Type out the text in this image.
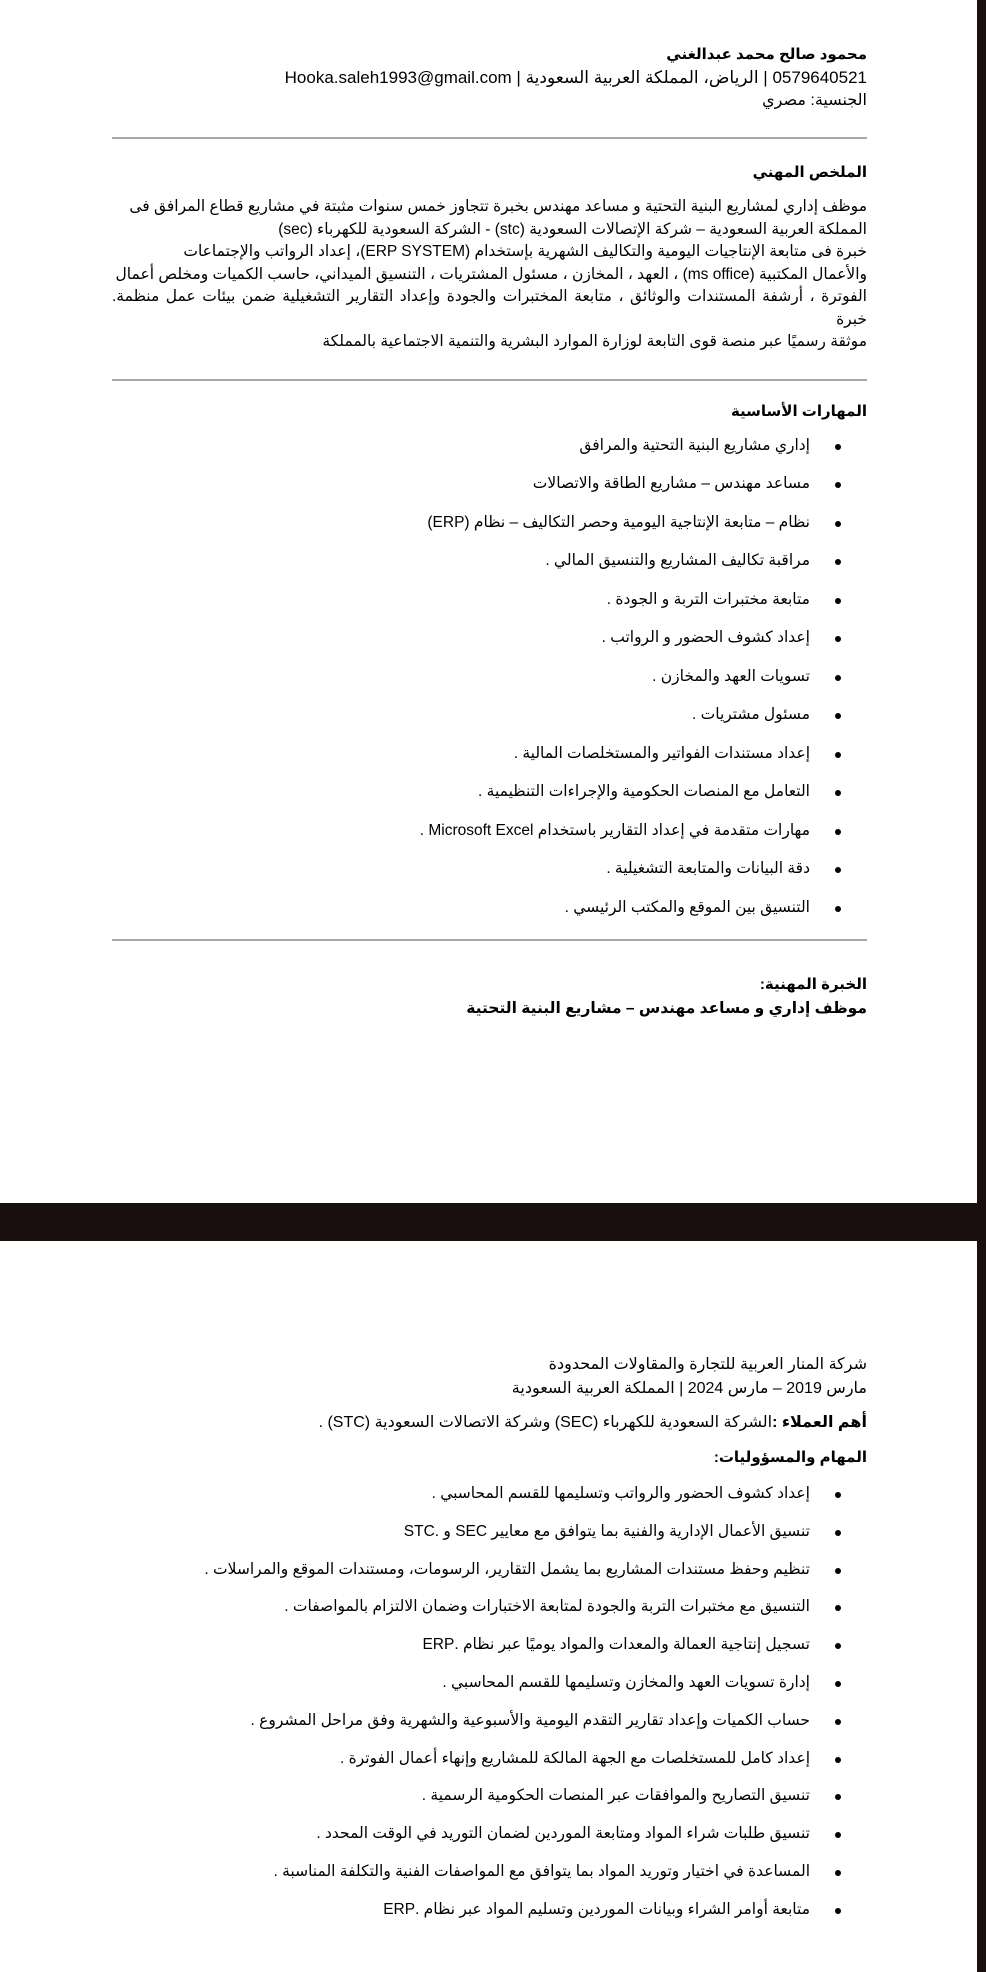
محمود صالح محمد عبدالغني
0579640521 | الرياض، المملكة العربية السعودية | Hooka.saleh1993@gmail.com
الجنسية: مصري
الملخص المهني
موظف إداري لمشاريع البنية التحتية و مساعد مهندس بخبرة تتجاوز خمس سنوات مثبتة في مشاريع قطاع المرافق فى
المملكة العربية السعودية – شركة الإتصالات السعودية (stc) - الشركة السعودية للكهرباء (sec)
خبرة فى متابعة الإنتاجيات اليومية والتكاليف الشهرية بإستخدام (ERP SYSTEM)، إعداد الرواتب والإجتماعات
والأعمال المكتبية (ms office) ، العهد ، المخازن ، مسئول المشتريات ، التنسيق الميداني، حاسب الكميات ومخلص أعمال
الفوترة ، أرشفة المستندات والوثائق ، متابعة المختبرات والجودة وإعداد التقارير التشغيلية ضمن بيئات عمل منظمة. خبرة
موثقة رسميًا عبر منصة قوى التابعة لوزارة الموارد البشرية والتنمية الاجتماعية بالمملكة
المهارات الأساسية
إداري مشاريع البنية التحتية والمرافق
مساعد مهندس – مشاريع الطاقة والاتصالات
نظام – متابعة الإنتاجية اليومية وحصر التكاليف – نظام (ERP)
مراقبة تكاليف المشاريع والتنسيق المالي .
متابعة مختبرات التربة و الجودة .
إعداد كشوف الحضور و الرواتب .
تسويات العهد والمخازن .
مسئول مشتريات .
إعداد مستندات الفواتير والمستخلصات المالية .
التعامل مع المنصات الحكومية والإجراءات التنظيمية .
مهارات متقدمة في إعداد التقارير باستخدام Microsoft Excel .
دقة البيانات والمتابعة التشغيلية .
التنسيق بين الموقع والمكتب الرئيسي .
الخبرة المهنية:
موظف إداري و مساعد مهندس – مشاريع البنية التحتية
شركة المنار العربية للتجارة والمقاولات المحدودة
مارس 2019 – مارس 2024 | المملكة العربية السعودية
أهم العملاء :الشركة السعودية للكهرباء (SEC) وشركة الاتصالات السعودية (STC) .
المهام والمسؤوليات:
إعداد كشوف الحضور والرواتب وتسليمها للقسم المحاسبي .
تنسيق الأعمال الإدارية والفنية بما يتوافق مع معايير SEC و .STC
تنظيم وحفظ مستندات المشاريع بما يشمل التقارير، الرسومات، ومستندات الموقع والمراسلات .
التنسيق مع مختبرات التربة والجودة لمتابعة الاختبارات وضمان الالتزام بالمواصفات .
تسجيل إنتاجية العمالة والمعدات والمواد يوميًا عبر نظام .ERP
إدارة تسويات العهد والمخازن وتسليمها للقسم المحاسبي .
حساب الكميات وإعداد تقارير التقدم اليومية والأسبوعية والشهرية وفق مراحل المشروع .
إعداد كامل للمستخلصات مع الجهة المالكة للمشاريع وإنهاء أعمال الفوترة .
تنسيق التصاريح والموافقات عبر المنصات الحكومية الرسمية .
تنسيق طلبات شراء المواد ومتابعة الموردين لضمان التوريد في الوقت المحدد .
المساعدة في اختيار وتوريد المواد بما يتوافق مع المواصفات الفنية والتكلفة المناسبة .
متابعة أوامر الشراء وبيانات الموردين وتسليم المواد عبر نظام .ERP
